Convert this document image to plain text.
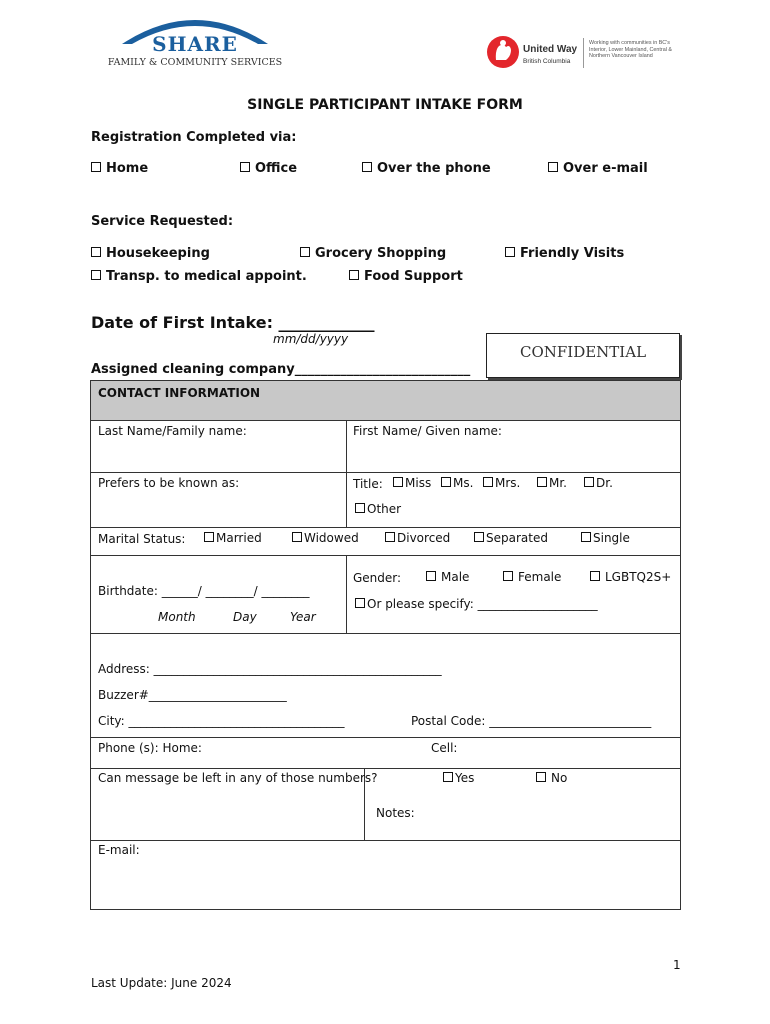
SHARE
FAMILY & COMMUNITY SERVICES
United Way
British Columbia
Working with communities in BC's Interior, Lower Mainland, Central & Northern Vancouver Island
SINGLE PARTICIPANT INTAKE FORM
Registration Completed via:
Home	Office	Over the phone	Over e-mail
Service Requested:
Housekeeping	Grocery Shopping	Friendly Visits
Transp. to medical appoint.	Food Support
Date of First Intake: ____________
mm/dd/yyyy
CONFIDENTIAL
Assigned cleaning company___________________________
CONTACT INFORMATION
Last Name/Family name:	First Name/ Given name:
Prefers to be known as:	Title:	Miss	Ms.	Mrs.	Mr.	Dr.
Other
Marital Status:	Married	Widowed	Divorced	Separated	Single
Birthdate: ______/ ________/ ________
Month	Day	Year
Gender:	Male	Female	LGBTQ2S+
Or please specify: ____________________
Address: ________________________________________________
Buzzer#_______________________
City: ____________________________________	Postal Code: ___________________________
Phone (s): Home:	Cell:
Can message be left in any of those numbers?	Yes	No
Notes:
E-mail:
1
Last Update: June 2024
